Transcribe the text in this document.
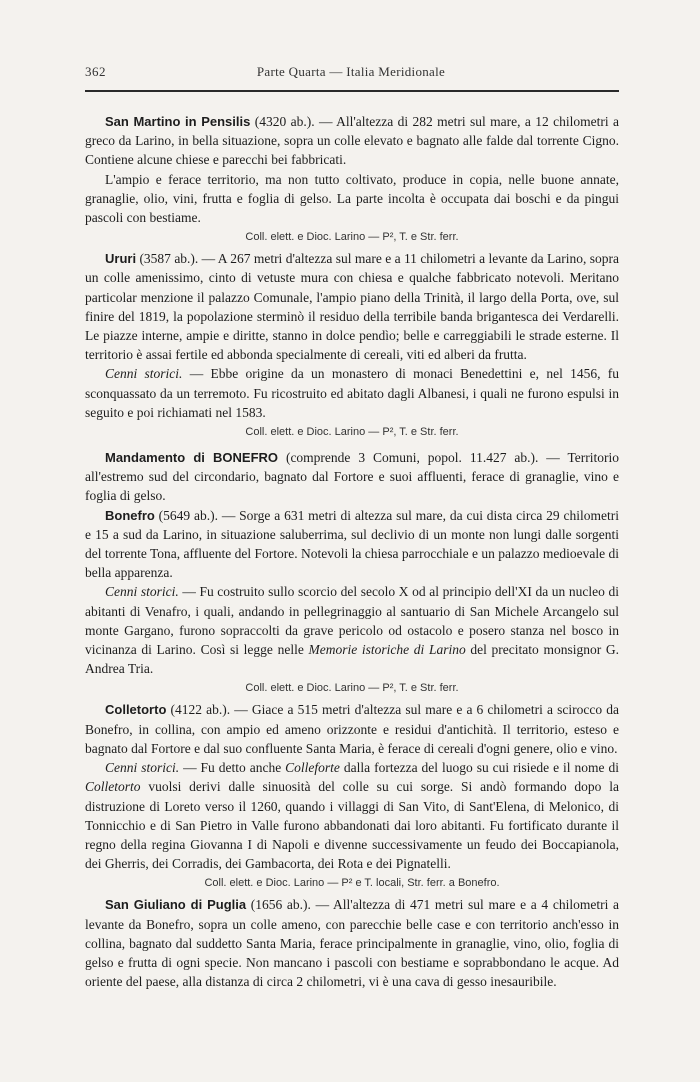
362	Parte Quarta — Italia Meridionale

San Martino in Pensilis (4320 ab.). — All'altezza di 282 metri sul mare, a 12 chilometri a greco da Larino, in bella situazione, sopra un colle elevato e bagnato alle falde dal torrente Cigno. Contiene alcune chiese e parecchi bei fabbricati.

L'ampio e ferace territorio, ma non tutto coltivato, produce in copia, nelle buone annate, granaglie, olio, vini, frutta e foglia di gelso. La parte incolta è occupata dai boschi e da pingui pascoli con bestiame.

Coll. elett. e Dioc. Larino — P², T. e Str. ferr.

Ururi (3587 ab.). — A 267 metri d'altezza sul mare e a 11 chilometri a levante da Larino, sopra un colle amenissimo, cinto di vetuste mura con chiesa e qualche fabbricato notevoli. Meritano particolar menzione il palazzo Comunale, l'ampio piano della Trinità, il largo della Porta, ove, sul finire del 1819, la popolazione sterminò il residuo della terribile banda brigantesca dei Verdarelli. Le piazze interne, ampie e diritte, stanno in dolce pendìo; belle e carreggiabili le strade esterne. Il territorio è assai fertile ed abbonda specialmente di cereali, viti ed alberi da frutta.

Cenni storici. — Ebbe origine da un monastero di monaci Benedettini e, nel 1456, fu sconquassato da un terremoto. Fu ricostruito ed abitato dagli Albanesi, i quali ne furono espulsi in seguito e poi richiamati nel 1583.

Coll. elett. e Dioc. Larino — P², T. e Str. ferr.

Mandamento di BONEFRO (comprende 3 Comuni, popol. 11.427 ab.). — Territorio all'estremo sud del circondario, bagnato dal Fortore e suoi affluenti, ferace di granaglie, vino e foglia di gelso.

Bonefro (5649 ab.). — Sorge a 631 metri di altezza sul mare, da cui dista circa 29 chilometri e 15 a sud da Larino, in situazione saluberrima, sul declivio di un monte non lungi dalle sorgenti del torrente Tona, affluente del Fortore. Notevoli la chiesa parrocchiale e un palazzo medioevale di bella apparenza.

Cenni storici. — Fu costruito sullo scorcio del secolo X od al principio dell'XI da un nucleo di abitanti di Venafro, i quali, andando in pellegrinaggio al santuario di San Michele Arcangelo sul monte Gargano, furono sopraccolti da grave pericolo od ostacolo e posero stanza nel bosco in vicinanza di Larino. Così si legge nelle Memorie istoriche di Larino del precitato monsignor G. Andrea Tria.

Coll. elett. e Dioc. Larino — P², T. e Str. ferr.

Colletorto (4122 ab.). — Giace a 515 metri d'altezza sul mare e a 6 chilometri a scirocco da Bonefro, in collina, con ampio ed ameno orizzonte e residui d'antichità. Il territorio, esteso e bagnato dal Fortore e dal suo confluente Santa Maria, è ferace di cereali d'ogni genere, olio e vino.

Cenni storici. — Fu detto anche Colleforte dalla fortezza del luogo su cui risiede e il nome di Colletorto vuolsi derivi dalle sinuosità del colle su cui sorge. Si andò formando dopo la distruzione di Loreto verso il 1260, quando i villaggi di San Vito, di Sant'Elena, di Melonico, di Tonnicchio e di San Pietro in Valle furono abbandonati dai loro abitanti. Fu fortificato durante il regno della regina Giovanna I di Napoli e divenne successivamente un feudo dei Boccapianola, dei Gherris, dei Corradis, dei Gambacorta, dei Rota e dei Pignatelli.

Coll. elett. e Dioc. Larino — P² e T. locali, Str. ferr. a Bonefro.

San Giuliano di Puglia (1656 ab.). — All'altezza di 471 metri sul mare e a 4 chilometri a levante da Bonefro, sopra un colle ameno, con parecchie belle case e con territorio anch'esso in collina, bagnato dal suddetto Santa Maria, ferace principalmente in granaglie, vino, olio, foglia di gelso e frutta di ogni specie. Non mancano i pascoli con bestiame e soprabbondano le acque. Ad oriente del paese, alla distanza di circa 2 chilometri, vi è una cava di gesso inesauribile.
